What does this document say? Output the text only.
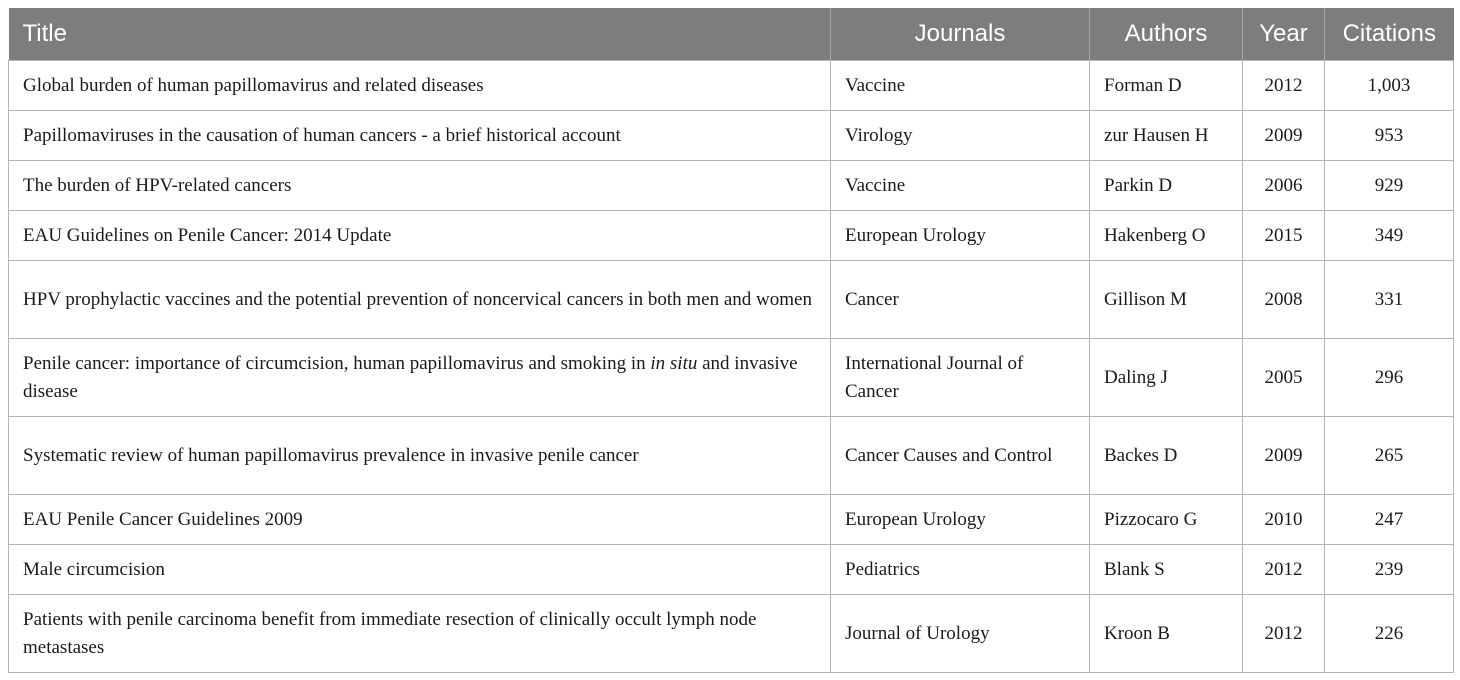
Title	Journals	Authors	Year	Citations
Global burden of human papillomavirus and related diseases	Vaccine	Forman D	2012	1,003
Papillomaviruses in the causation of human cancers - a brief historical account	Virology	zur Hausen H	2009	953
The burden of HPV-related cancers	Vaccine	Parkin D	2006	929
EAU Guidelines on Penile Cancer: 2014 Update	European Urology	Hakenberg O	2015	349
HPV prophylactic vaccines and the potential prevention of noncervical cancers in both men and women	Cancer	Gillison M	2008	331
Penile cancer: importance of circumcision, human papillomavirus and smoking in in situ and invasive disease	International Journal of Cancer	Daling J	2005	296
Systematic review of human papillomavirus prevalence in invasive penile cancer	Cancer Causes and Control	Backes D	2009	265
EAU Penile Cancer Guidelines 2009	European Urology	Pizzocaro G	2010	247
Male circumcision	Pediatrics	Blank S	2012	239
Patients with penile carcinoma benefit from immediate resection of clinically occult lymph node metastases	Journal of Urology	Kroon B	2012	226
